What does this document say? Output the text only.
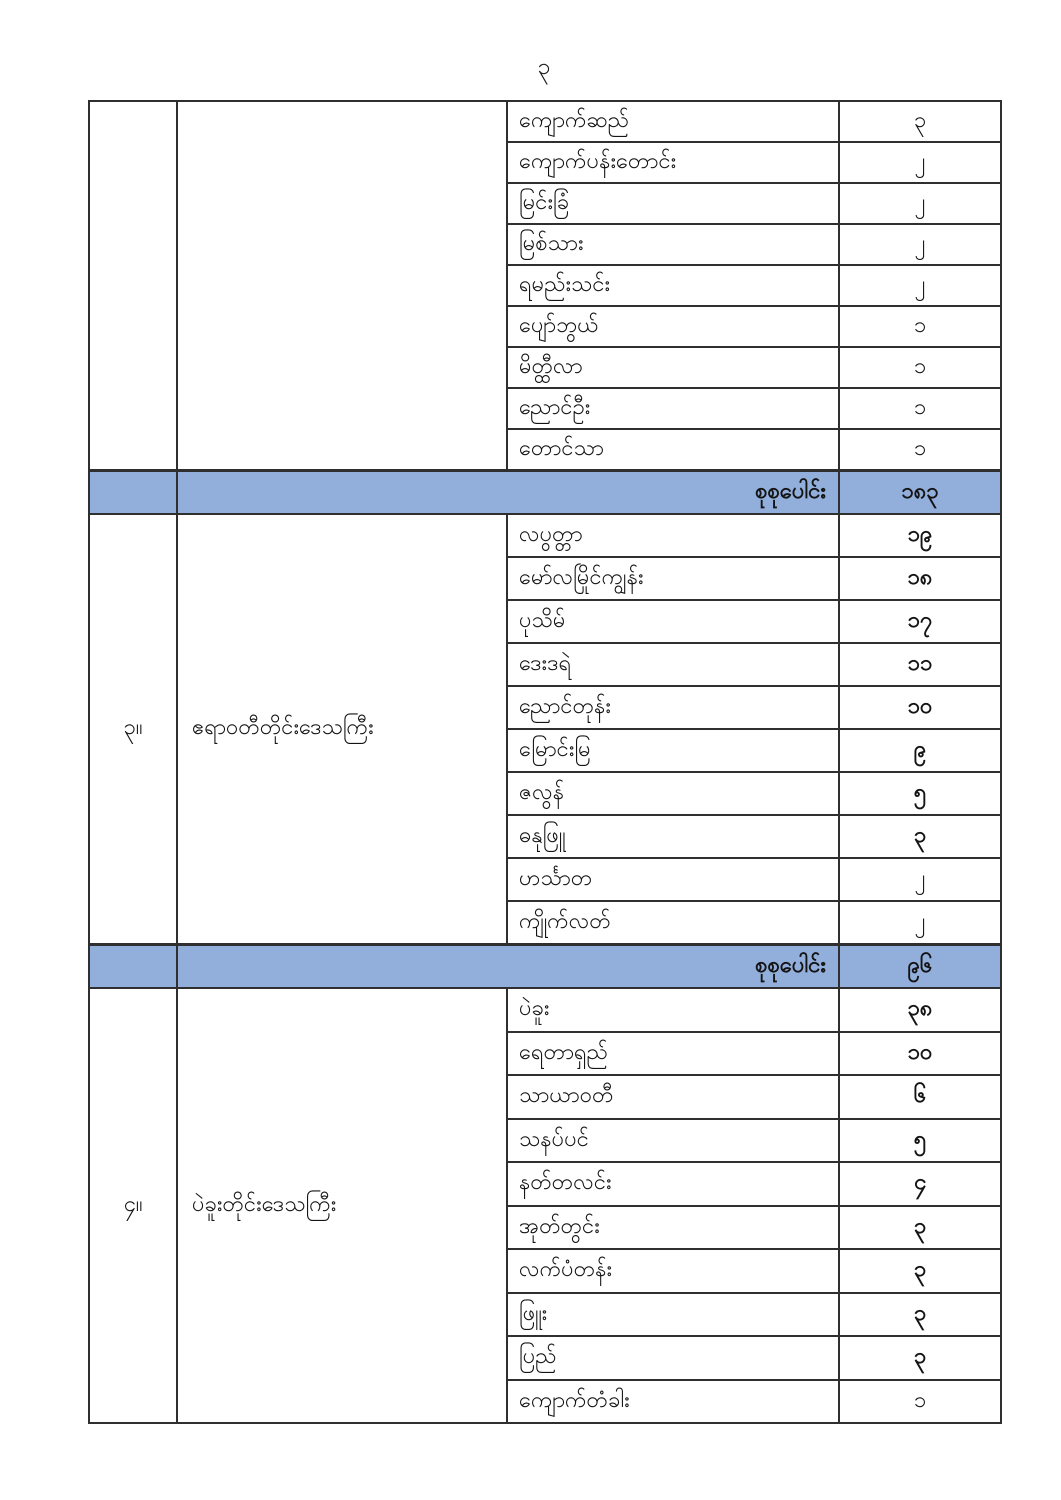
၃
		ကျောက်ဆည်	၃
		ကျောက်ပန်းတောင်း	၂
		မြင်းခြံ	၂
		မြစ်သား	၂
		ရမည်းသင်း	၂
		ပျော်ဘွယ်	၁
		မိတ္ထီလာ	၁
		ညောင်ဦး	၁
		တောင်သာ	၁
	စုစုပေါင်း		၁၈၃
၃။	ဧရာဝတီတိုင်းဒေသကြီး	လပွတ္တာ	၁၉
		မော်လမြိုင်ကျွန်း	၁၈
		ပုသိမ်	၁၇
		ဒေးဒရဲ	၁၁
		ညောင်တုန်း	၁၀
		မြောင်းမြ	၉
		ဇလွန်	၅
		ဓနုဖြူ	၃
		ဟင်္သာတ	၂
		ကျိုက်လတ်	၂
	စုစုပေါင်း		၉၆
၄။	ပဲခူးတိုင်းဒေသကြီး	ပဲခူး	၃၈
		ရေတာရှည်	၁၀
		သာယာဝတီ	၆
		သနပ်ပင်	၅
		နတ်တလင်း	၄
		အုတ်တွင်း	၃
		လက်ပံတန်း	၃
		ဖြူး	၃
		ပြည်	၃
		ကျောက်တံခါး	၁
